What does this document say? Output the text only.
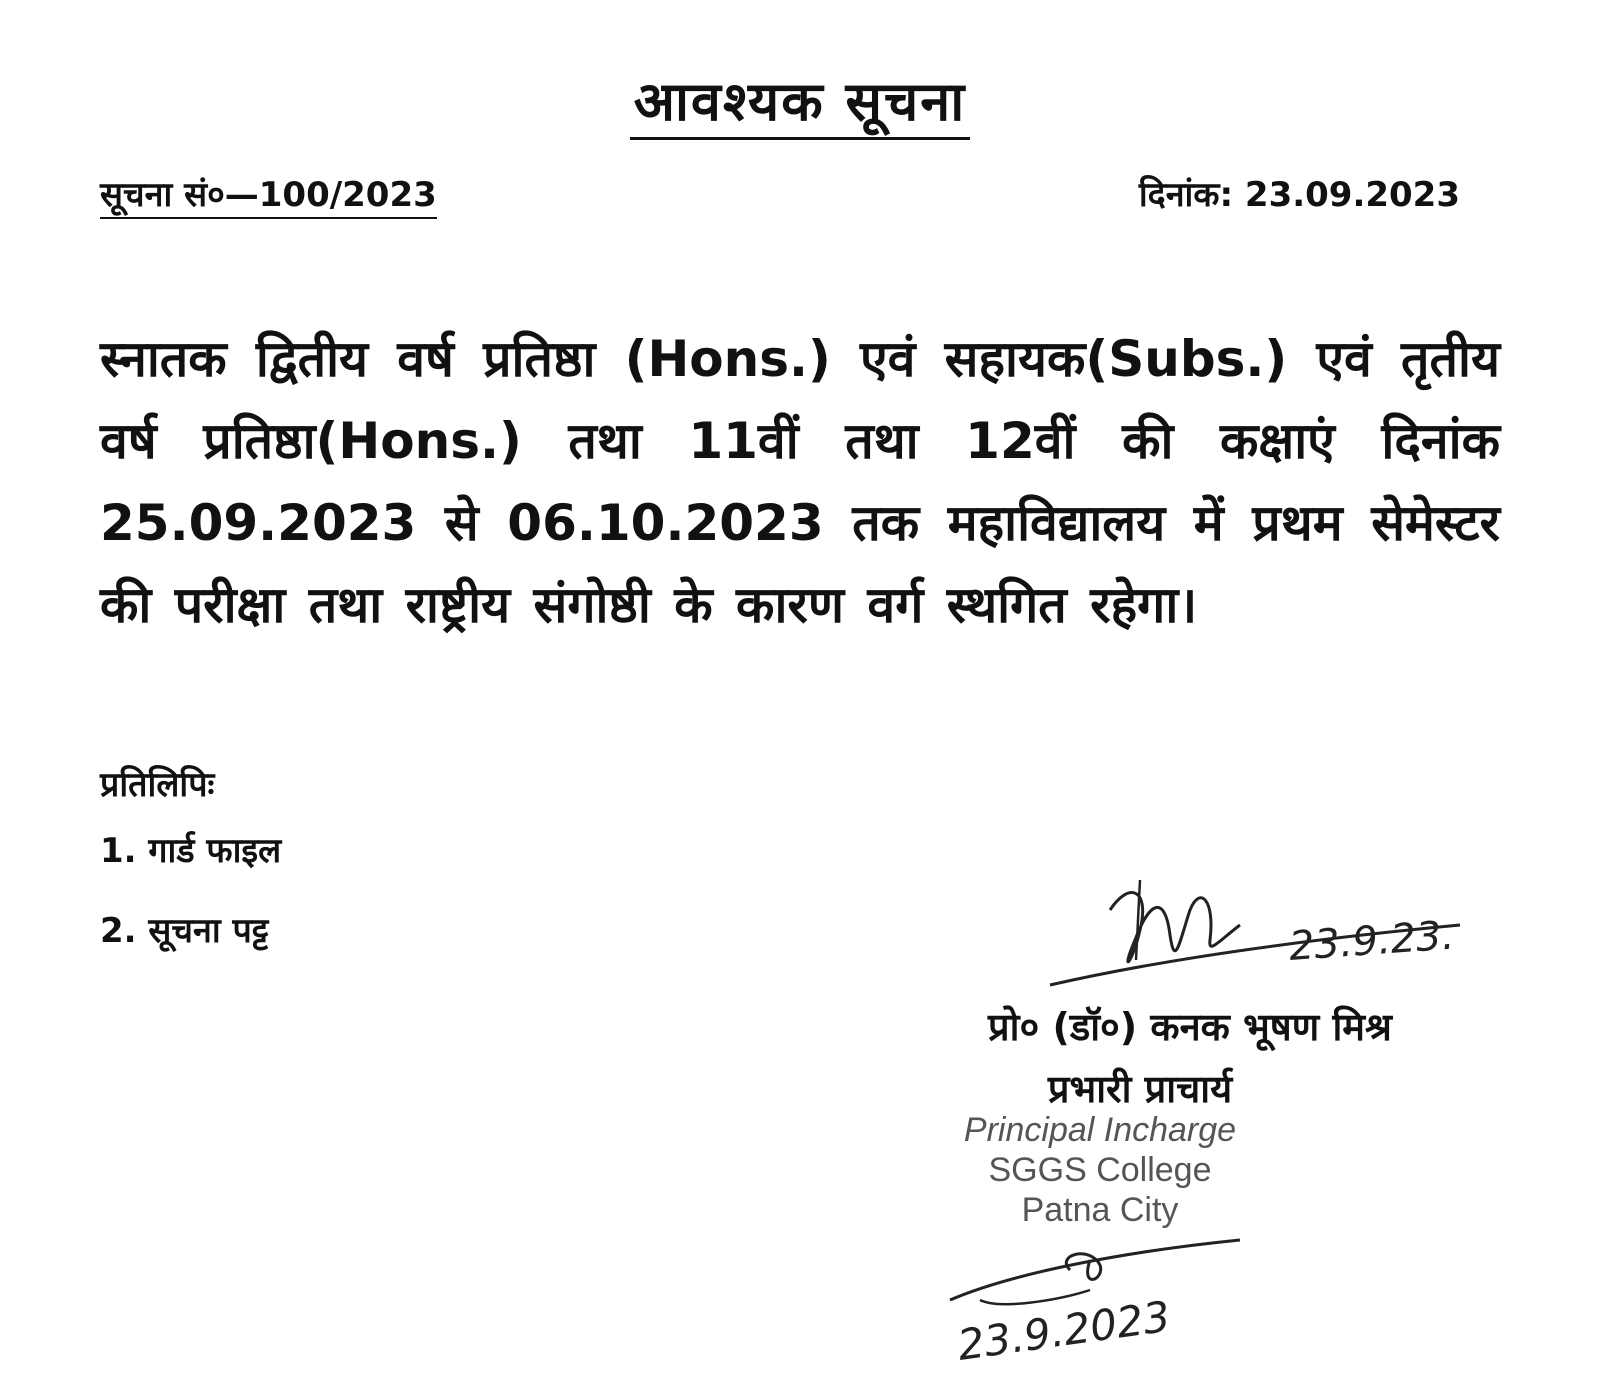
आवश्यक सूचना
सूचना सं०—100/2023	दिनांक: 23.09.2023
स्नातक द्वितीय वर्ष प्रतिष्ठा (Hons.) एवं सहायक(Subs.) एवं तृतीय वर्ष प्रतिष्ठा(Hons.) तथा 11वीं तथा 12वीं की कक्षाएं दिनांक 25.09.2023 से 06.10.2023 तक महाविद्यालय में प्रथम सेमेस्टर की परीक्षा तथा राष्ट्रीय संगोष्ठी के कारण वर्ग स्थगित रहेगा।
प्रतिलिपिः
1. गार्ड फाइल
2. सूचना पट्ट	23.9.23.
प्रो० (डॉ०) कनक भूषण मिश्र
प्रभारी प्राचार्य
Principal Incharge
SGGS College
Patna City
23.9.2023
